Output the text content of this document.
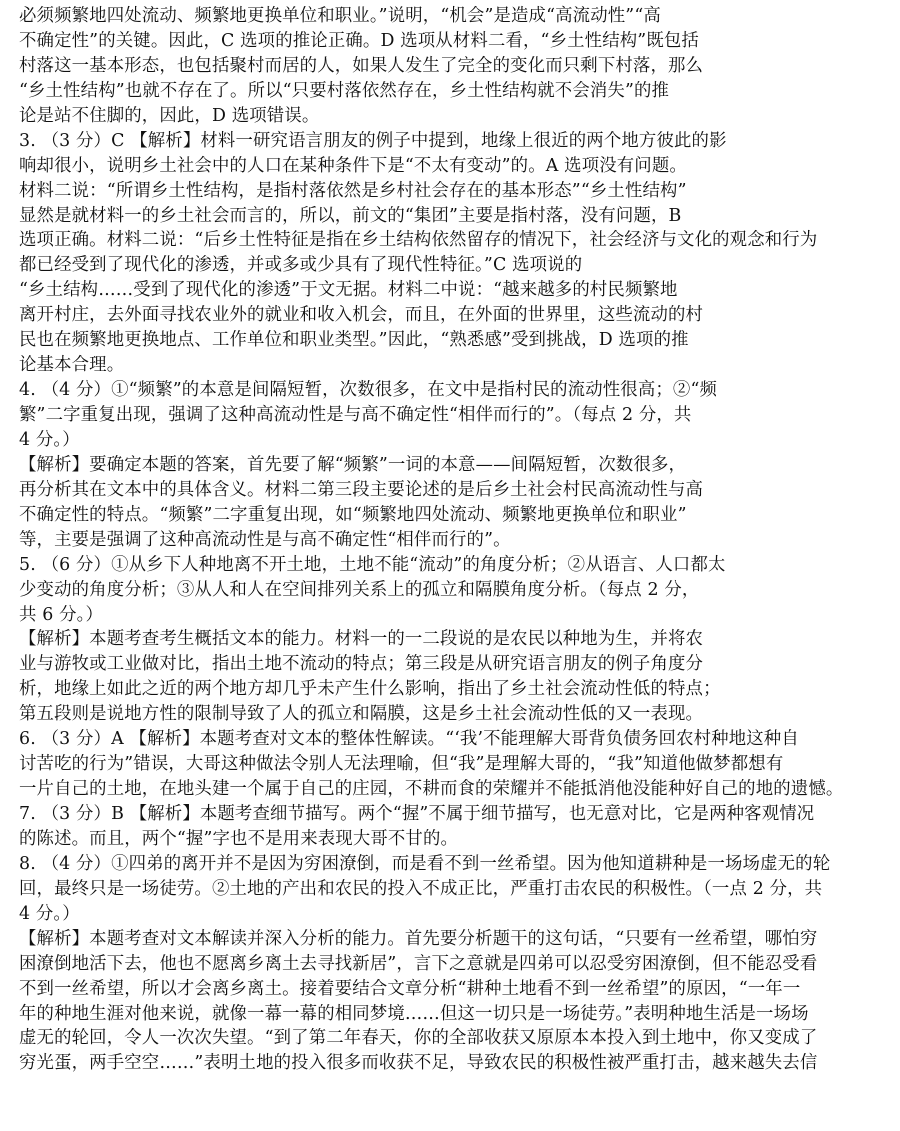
必须频繁地四处流动、频繁地更换单位和职业。”说明，“机会”是造成“高流动性”“高
不确定性”的关键。因此，C 选项的推论正确。D 选项从材料二看，“乡土性结构”既包括
村落这一基本形态，也包括聚村而居的人，如果人发生了完全的变化而只剩下村落，那么
“乡土性结构”也就不存在了。所以“只要村落依然存在，乡土性结构就不会消失”的推
论是站不住脚的，因此，D 选项错误。
3. （3 分）C 【解析】材料一研究语言朋友的例子中提到，地缘上很近的两个地方彼此的影
响却很小，说明乡土社会中的人口在某种条件下是“不太有变动”的。A 选项没有问题。
材料二说：“所谓乡土性结构，是指村落依然是乡村社会存在的基本形态”“乡土性结构”
显然是就材料一的乡土社会而言的，所以，前文的“集团”主要是指村落，没有问题，B
选项正确。材料二说：“后乡土性特征是指在乡土结构依然留存的情况下，社会经济与文化的观念和行为
都已经受到了现代化的渗透，并或多或少具有了现代性特征。”C 选项说的
“乡土结构……受到了现代化的渗透”于文无据。材料二中说：“越来越多的村民频繁地
离开村庄，去外面寻找农业外的就业和收入机会，而且，在外面的世界里，这些流动的村
民也在频繁地更换地点、工作单位和职业类型。”因此，“熟悉感”受到挑战，D 选项的推
论基本合理。
4. （4 分）①“频繁”的本意是间隔短暂，次数很多，在文中是指村民的流动性很高；②“频
繁”二字重复出现，强调了这种高流动性是与高不确定性“相伴而行的”。（每点 2 分，共
4 分。）
【解析】要确定本题的答案，首先要了解“频繁”一词的本意——间隔短暂，次数很多，
再分析其在文本中的具体含义。材料二第三段主要论述的是后乡土社会村民高流动性与高
不确定性的特点。“频繁”二字重复出现，如“频繁地四处流动、频繁地更换单位和职业”
等，主要是强调了这种高流动性是与高不确定性“相伴而行的”。
5. （6 分）①从乡下人种地离不开土地，土地不能“流动”的角度分析；②从语言、人口都太
少变动的角度分析；③从人和人在空间排列关系上的孤立和隔膜角度分析。（每点 2 分，
共 6 分。）
【解析】本题考查考生概括文本的能力。材料一的一二段说的是农民以种地为生，并将农
业与游牧或工业做对比，指出土地不流动的特点；第三段是从研究语言朋友的例子角度分
析，地缘上如此之近的两个地方却几乎未产生什么影响，指出了乡土社会流动性低的特点；
第五段则是说地方性的限制导致了人的孤立和隔膜，这是乡土社会流动性低的又一表现。
6. （3 分）A 【解析】本题考查对文本的整体性解读。“‘我’不能理解大哥背负债务回农村种地这种自
讨苦吃的行为”错误，大哥这种做法令别人无法理喻，但“我”是理解大哥的，“我”知道他做梦都想有
一片自己的土地，在地头建一个属于自己的庄园，不耕而食的荣耀并不能抵消他没能种好自己的地的遗憾。
7. （3 分）B 【解析】本题考查细节描写。两个“握”不属于细节描写，也无意对比，它是两种客观情况
的陈述。而且，两个“握”字也不是用来表现大哥不甘的。
8. （4 分）①四弟的离开并不是因为穷困潦倒，而是看不到一丝希望。因为他知道耕种是一场场虚无的轮
回，最终只是一场徒劳。②土地的产出和农民的投入不成正比，严重打击农民的积极性。（一点 2 分，共
4 分。）
【解析】本题考查对文本解读并深入分析的能力。首先要分析题干的这句话，“只要有一丝希望，哪怕穷
困潦倒地活下去，他也不愿离乡离土去寻找新居”，言下之意就是四弟可以忍受穷困潦倒，但不能忍受看
不到一丝希望，所以才会离乡离土。接着要结合文章分析“耕种土地看不到一丝希望”的原因，“一年一
年的种地生涯对他来说，就像一幕一幕的相同梦境……但这一切只是一场徒劳。”表明种地生活是一场场
虚无的轮回，令人一次次失望。“到了第二年春天，你的全部收获又原原本本投入到土地中，你又变成了
穷光蛋，两手空空……”表明土地的投入很多而收获不足，导致农民的积极性被严重打击，越来越失去信
